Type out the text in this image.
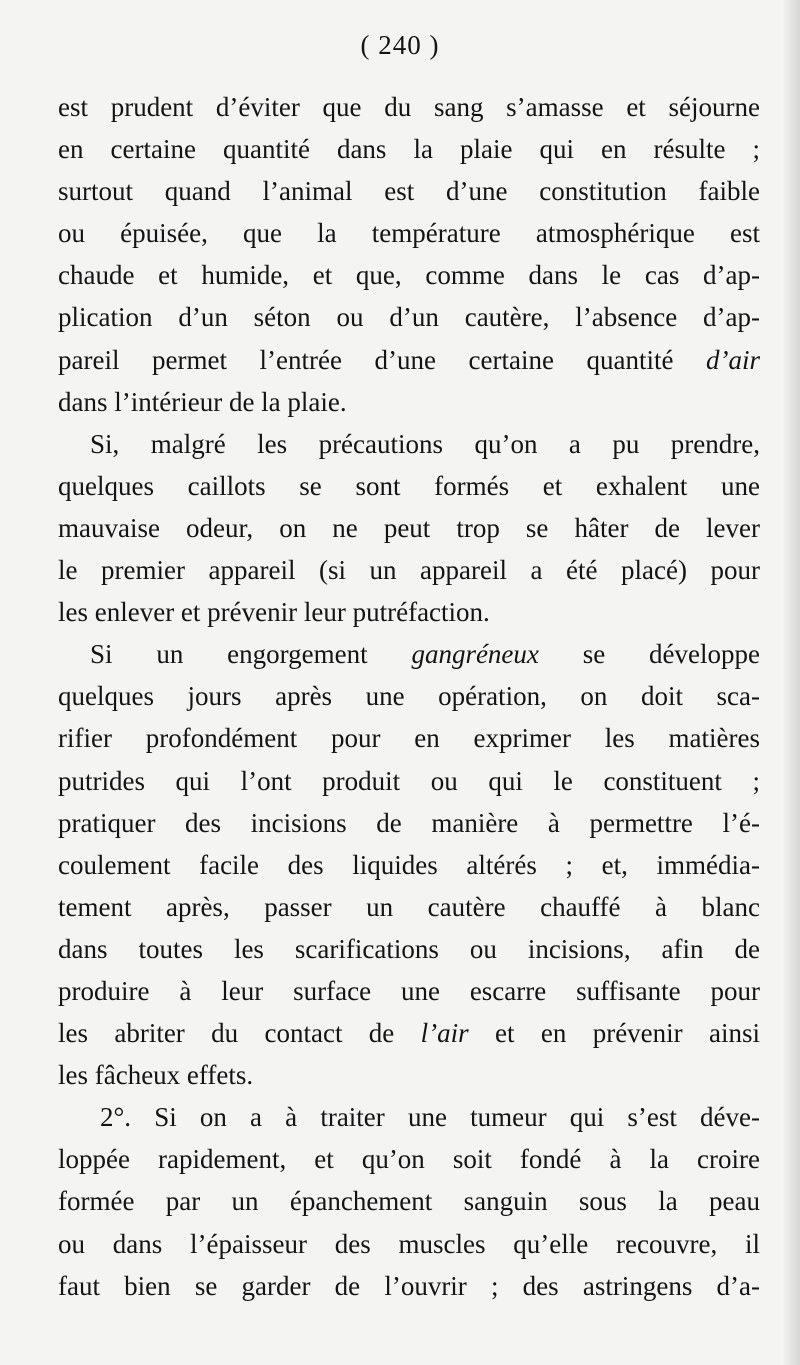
( 240 )
est prudent d’éviter que du sang s’amasse et séjourne
en certaine quantité dans la plaie qui en résulte ;
surtout quand l’animal est d’une constitution faible
ou épuisée, que la température atmosphérique est
chaude et humide, et que, comme dans le cas d’ap-
plication d’un séton ou d’un cautère, l’absence d’ap-
pareil permet l’entrée d’une certaine quantité d’air
dans l’intérieur de la plaie.
Si, malgré les précautions qu’on a pu prendre,
quelques caillots se sont formés et exhalent une
mauvaise odeur, on ne peut trop se hâter de lever
le premier appareil (si un appareil a été placé) pour
les enlever et prévenir leur putréfaction.
Si un engorgement gangréneux se développe
quelques jours après une opération, on doit sca-
rifier profondément pour en exprimer les matières
putrides qui l’ont produit ou qui le constituent ;
pratiquer des incisions de manière à permettre l’é-
coulement facile des liquides altérés ; et, immédia-
tement après, passer un cautère chauffé à blanc
dans toutes les scarifications ou incisions, afin de
produire à leur surface une escarre suffisante pour
les abriter du contact de l’air et en prévenir ainsi
les fâcheux effets.
2°. Si on a à traiter une tumeur qui s’est déve-
loppée rapidement, et qu’on soit fondé à la croire
formée par un épanchement sanguin sous la peau
ou dans l’épaisseur des muscles qu’elle recouvre, il
faut bien se garder de l’ouvrir ; des astringens d’a-
